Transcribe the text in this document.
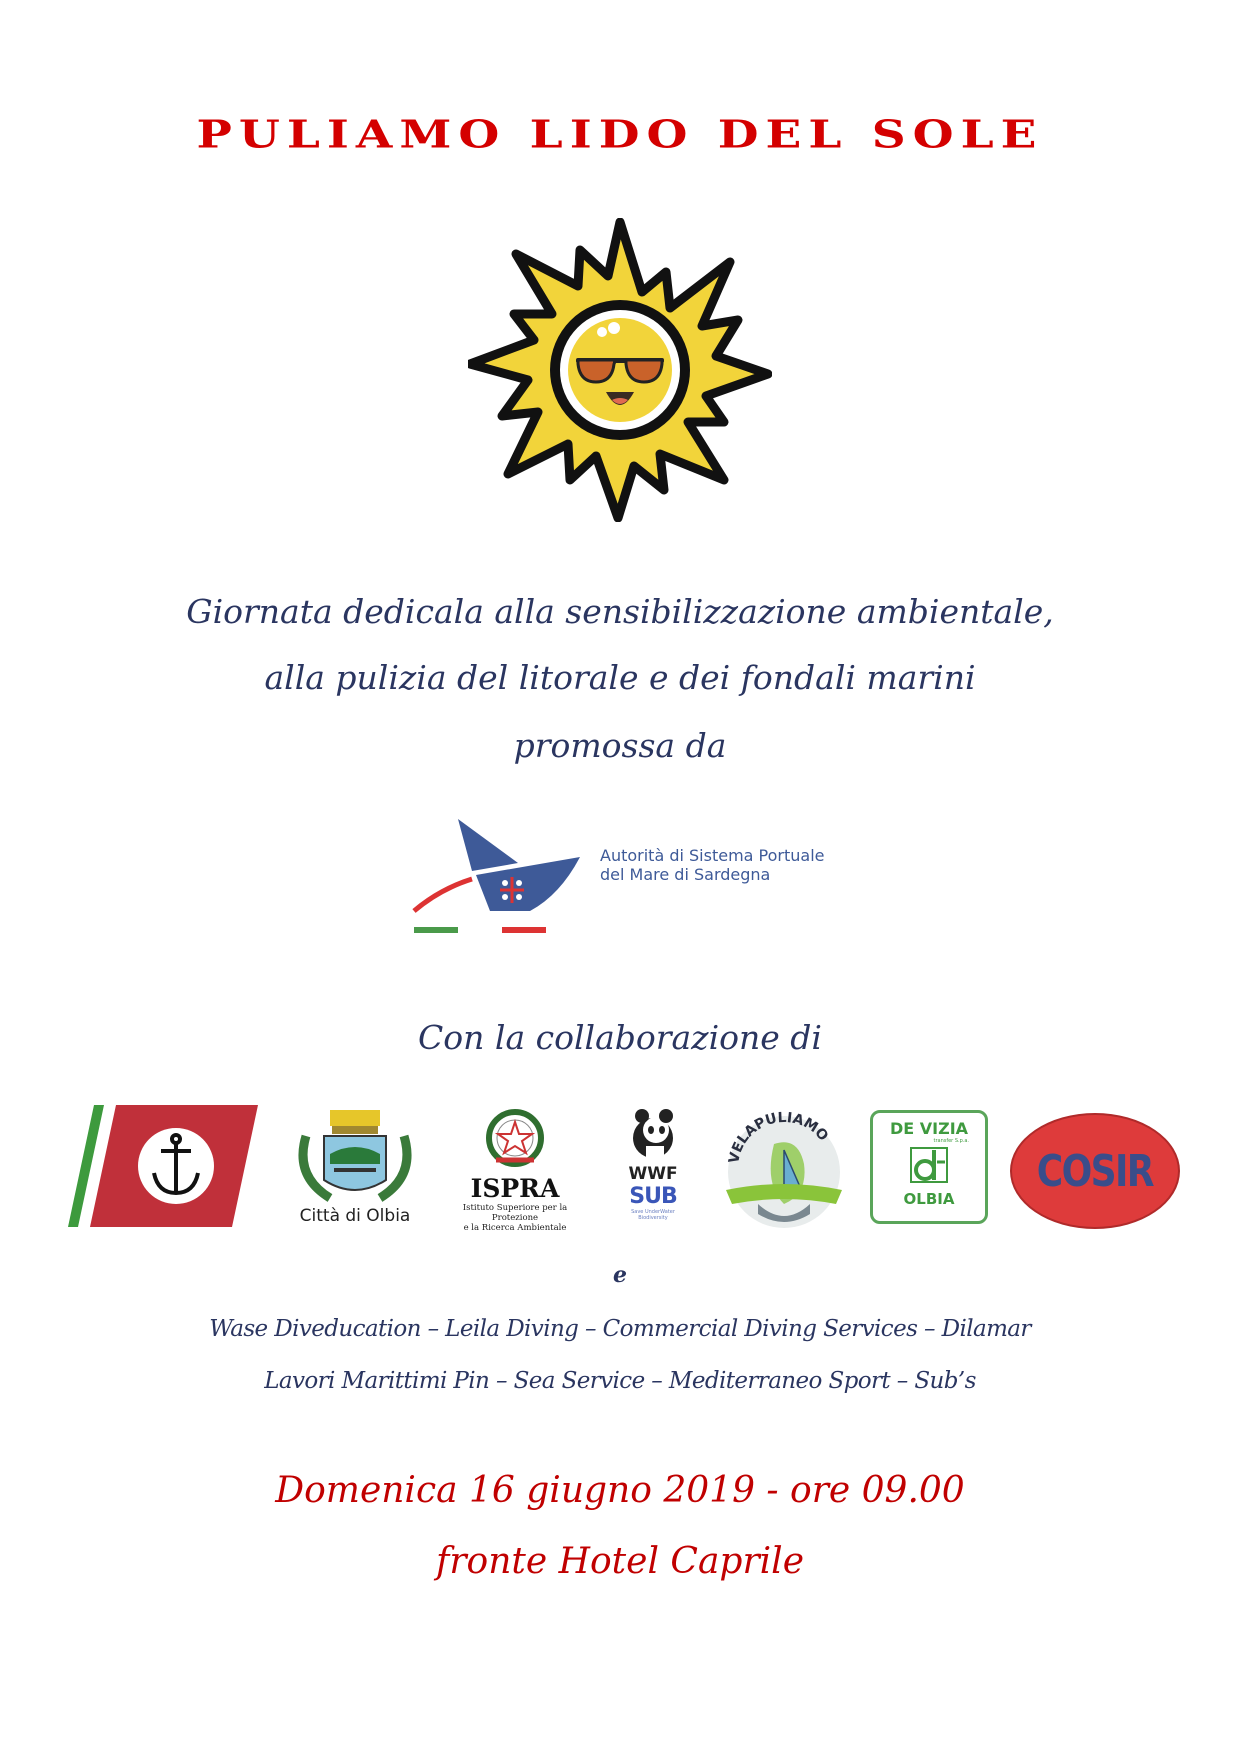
PULIAMO LIDO DEL SOLE
Giornata dedicala alla sensibilizzazione ambientale,
alla pulizia del litorale e dei fondali marini
promossa da
Autorità di Sistema Portuale
del Mare di Sardegna
Con la collaborazione di
Città di Olbia
ISPRA
Istituto Superiore per la Protezione
e la Ricerca Ambientale
WWF
SUB
Save UnderWater
Biodiversity
VELAPULIAMO	DE VIZIA
transfer S.p.a.
OLBIA
COSIR
e
Wase Diveducation – Leila Diving – Commercial Diving Services – Dilamar
Lavori Marittimi Pin – Sea Service – Mediterraneo Sport – Sub’s
Domenica 16 giugno 2019 - ore 09.00
fronte Hotel Caprile
